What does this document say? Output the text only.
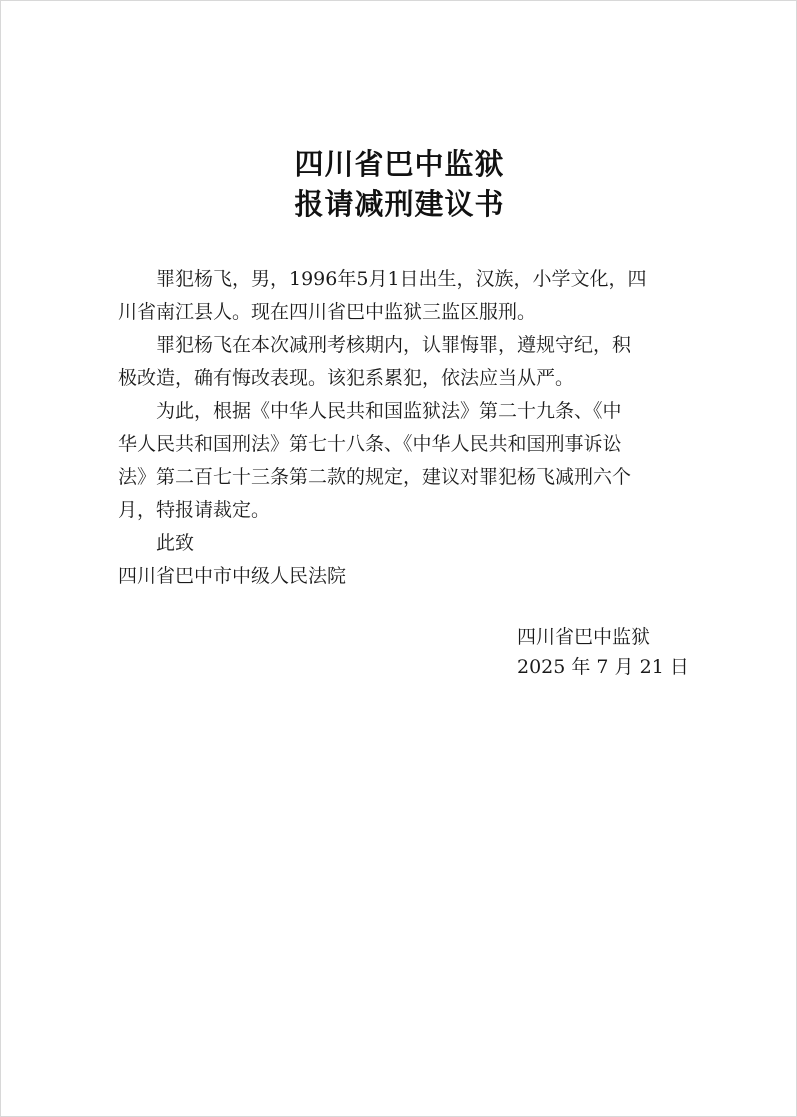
四川省巴中监狱
报请减刑建议书

罪犯杨飞，男，1996年5月1日出生，汉族，小学文化，四

川省南江县人。现在四川省巴中监狱三监区服刑。

罪犯杨飞在本次减刑考核期内，认罪悔罪，遵规守纪，积

极改造，确有悔改表现。该犯系累犯，依法应当从严。

为此，根据《中华人民共和国监狱法》第二十九条、《中

华人民共和国刑法》第七十八条、《中华人民共和国刑事诉讼

法》第二百七十三条第二款的规定，建议对罪犯杨飞减刑六个

月，特报请裁定。

此致

四川省巴中市中级人民法院

四川省巴中监狱
2025 年 7 月 21 日
